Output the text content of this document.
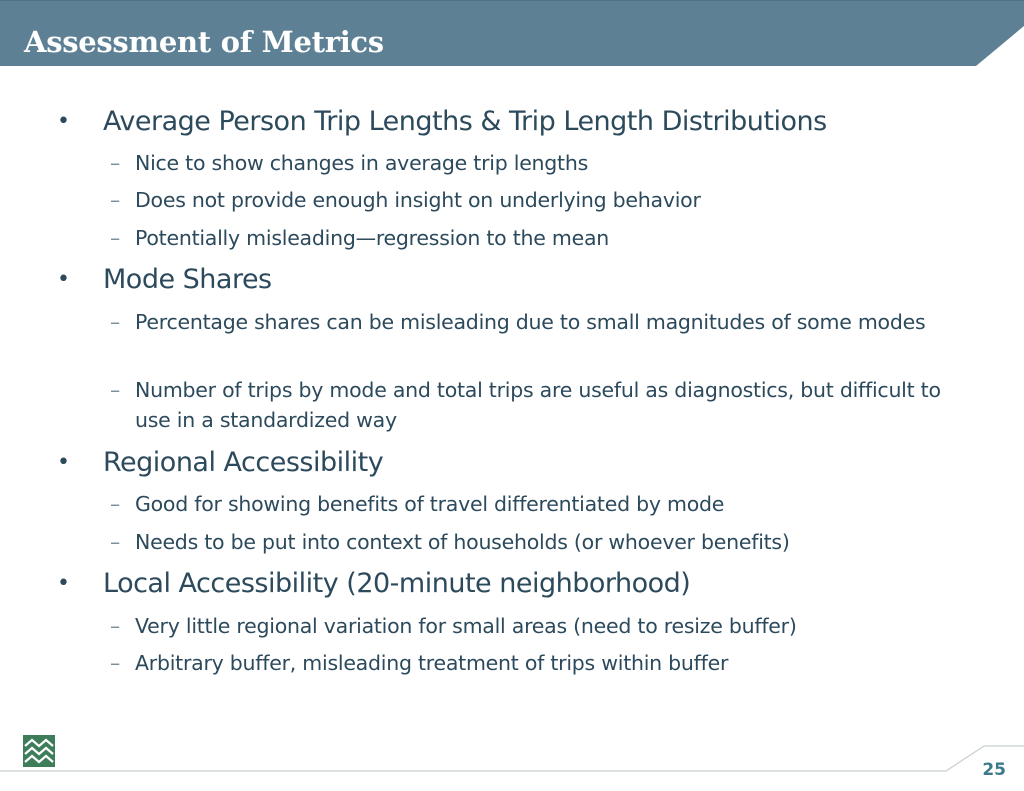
Assessment of Metrics
• Average Person Trip Lengths & Trip Length Distributions
– Nice to show changes in average trip lengths
– Does not provide enough insight on underlying behavior
– Potentially misleading—regression to the mean
• Mode Shares
– Percentage shares can be misleading due to small magnitudes of some modes
– Number of trips by mode and total trips are useful as diagnostics, but difficult to use in a standardized way
• Regional Accessibility
– Good for showing benefits of travel differentiated by mode
– Needs to be put into context of households (or whoever benefits)
• Local Accessibility (20-minute neighborhood)
– Very little regional variation for small areas (need to resize buffer)
– Arbitrary buffer, misleading treatment of trips within buffer
25
